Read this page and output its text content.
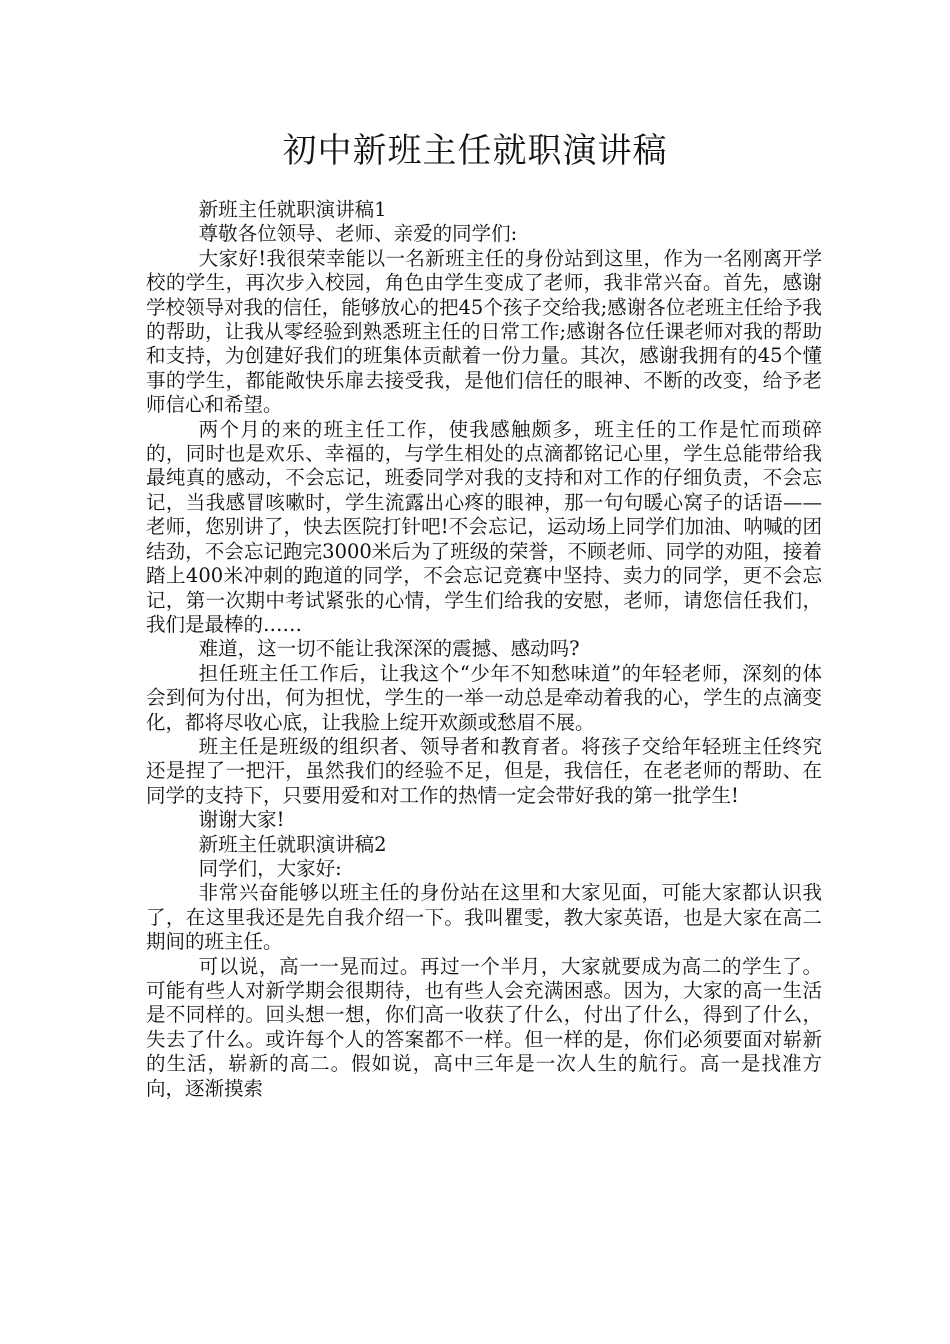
初中新班主任就职演讲稿

新班主任就职演讲稿1

尊敬各位领导、老师、亲爱的同学们:

大家好!我很荣幸能以一名新班主任的身份站到这里，作为一名刚离开学校的学生，再次步入校园，角色由学生变成了老师，我非常兴奋。首先，感谢学校领导对我的信任，能够放心的把45个孩子交给我;感谢各位老班主任给予我的帮助，让我从零经验到熟悉班主任的日常工作;感谢各位任课老师对我的帮助和支持，为创建好我们的班集体贡献着一份力量。其次，感谢我拥有的45个懂事的学生，都能敞快乐扉去接受我，是他们信任的眼神、不断的改变，给予老师信心和希望。

两个月的来的班主任工作，使我感触颇多，班主任的工作是忙而琐碎的，同时也是欢乐、幸福的，与学生相处的点滴都铭记心里，学生总能带给我最纯真的感动，不会忘记，班委同学对我的支持和对工作的仔细负责，不会忘记，当我感冒咳嗽时，学生流露出心疼的眼神，那一句句暖心窝子的话语——老师，您别讲了，快去医院打针吧!不会忘记，运动场上同学们加油、呐喊的团结劲，不会忘记跑完3000米后为了班级的荣誉，不顾老师、同学的劝阻，接着踏上400米冲刺的跑道的同学，不会忘记竞赛中坚持、卖力的同学，更不会忘记，第一次期中考试紧张的心情，学生们给我的安慰，老师，请您信任我们，我们是最棒的……

难道，这一切不能让我深深的震撼、感动吗?

担任班主任工作后，让我这个“少年不知愁味道”的年轻老师，深刻的体会到何为付出，何为担忧，学生的一举一动总是牵动着我的心，学生的点滴变化，都将尽收心底，让我脸上绽开欢颜或愁眉不展。

班主任是班级的组织者、领导者和教育者。将孩子交给年轻班主任终究还是捏了一把汗，虽然我们的经验不足，但是，我信任，在老老师的帮助、在同学的支持下，只要用爱和对工作的热情一定会带好我的第一批学生!

谢谢大家!

新班主任就职演讲稿2

同学们，大家好:

非常兴奋能够以班主任的身份站在这里和大家见面，可能大家都认识我了，在这里我还是先自我介绍一下。我叫瞿雯，教大家英语，也是大家在高二期间的班主任。

可以说，高一一晃而过。再过一个半月，大家就要成为高二的学生了。可能有些人对新学期会很期待，也有些人会充满困惑。因为，大家的高一生活是不同样的。回头想一想，你们高一收获了什么，付出了什么，得到了什么，失去了什么。或许每个人的答案都不一样。但一样的是，你们必须要面对崭新的生活，崭新的高二。假如说，高中三年是一次人生的航行。高一是找准方向，逐渐摸索
